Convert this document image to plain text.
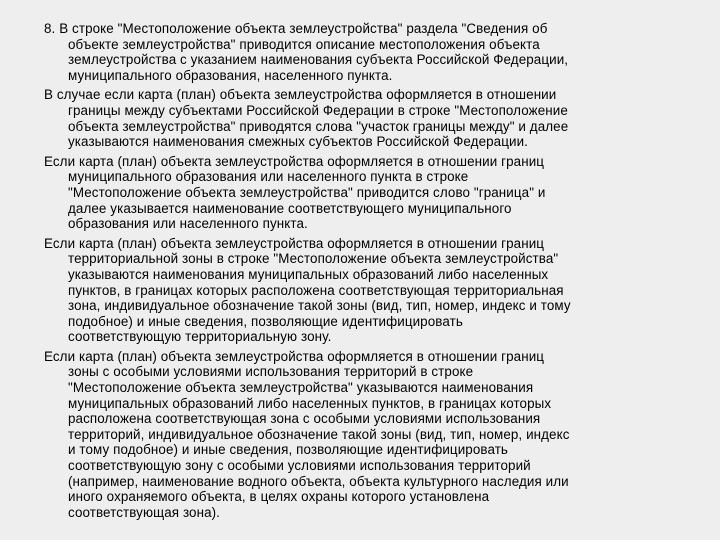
8. В строке "Местоположение объекта землеустройства" раздела "Сведения об
объекте землеустройства" приводится описание местоположения объекта
землеустройства с указанием наименования субъекта Российской Федерации,
муниципального образования, населенного пункта.

В случае если карта (план) объекта землеустройства оформляется в отношении
границы между субъектами Российской Федерации в строке "Местоположение
объекта землеустройства" приводятся слова "участок границы между" и далее
указываются наименования смежных субъектов Российской Федерации.

Если карта (план) объекта землеустройства оформляется в отношении границ
муниципального образования или населенного пункта в строке
"Местоположение объекта землеустройства" приводится слово "граница" и
далее указывается наименование соответствующего муниципального
образования или населенного пункта.

Если карта (план) объекта землеустройства оформляется в отношении границ
территориальной зоны в строке "Местоположение объекта землеустройства"
указываются наименования муниципальных образований либо населенных
пунктов, в границах которых расположена соответствующая территориальная
зона, индивидуальное обозначение такой зоны (вид, тип, номер, индекс и тому
подобное) и иные сведения, позволяющие идентифицировать
соответствующую территориальную зону.

Если карта (план) объекта землеустройства оформляется в отношении границ
зоны с особыми условиями использования территорий в строке
"Местоположение объекта землеустройства" указываются наименования
муниципальных образований либо населенных пунктов, в границах которых
расположена соответствующая зона с особыми условиями использования
территорий, индивидуальное обозначение такой зоны (вид, тип, номер, индекс
и тому подобное) и иные сведения, позволяющие идентифицировать
соответствующую зону с особыми условиями использования территорий
(например, наименование водного объекта, объекта культурного наследия или
иного охраняемого объекта, в целях охраны которого установлена
соответствующая зона).
